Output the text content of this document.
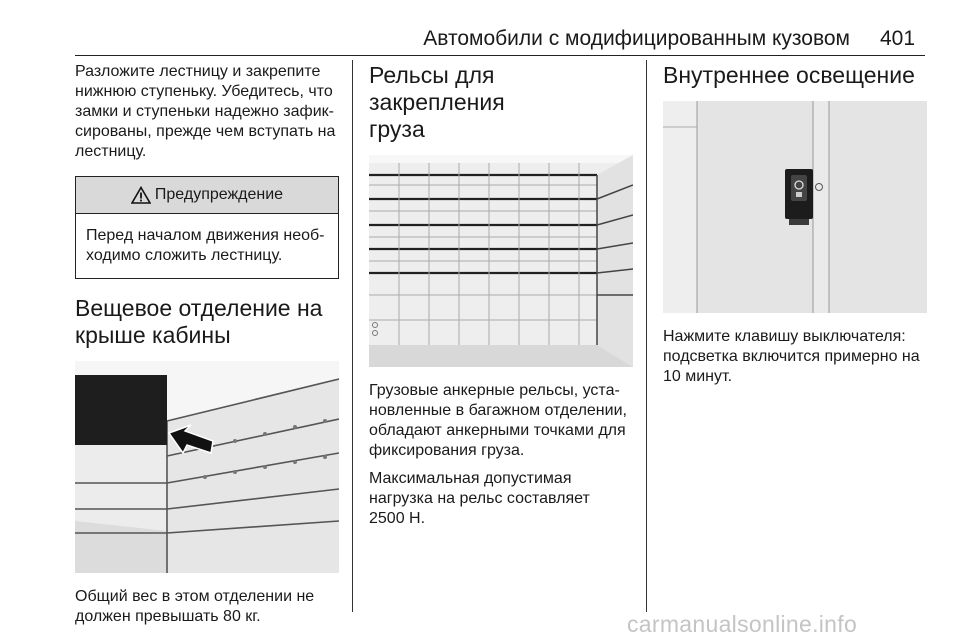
Автомобили с модифицированным кузовом 401

Разложите лестницу и закрепите
нижнюю ступеньку. Убедитесь, что
замки и ступеньки надежно зафик-
сированы, прежде чем вступать на
лестницу.

Предупреждение

Перед началом движения необ-
ходимо сложить лестницу.

Вещевое отделение на
крыше кабины

Общий вес в этом отделении не
должен превышать 80 кг.

Рельсы для закрепления
груза

Грузовые анкерные рельсы, уста-
новленные в багажном отделении,
обладают анкерными точками для
фиксирования груза.

Максимальная допустимая
нагрузка на рельс составляет
2500 Н.

Внутреннее освещение

Нажмите клавишу выключателя:
подсветка включится примерно на
10 минут.

carmanualsonline.info
